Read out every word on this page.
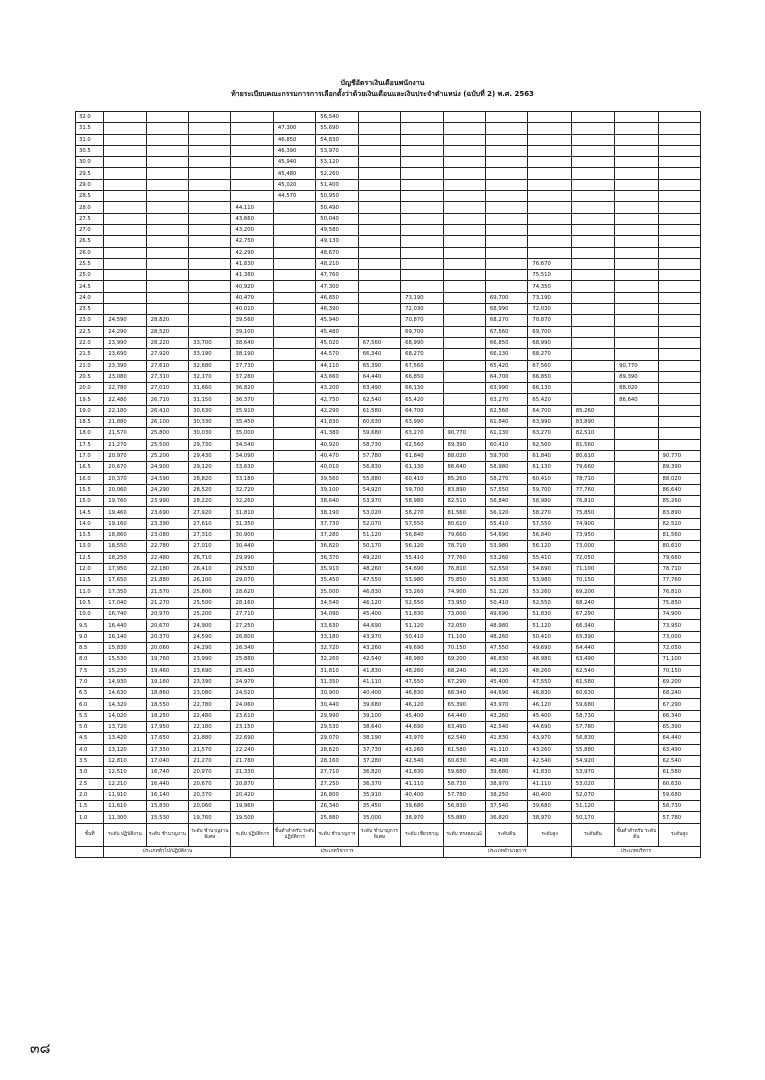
บัญชีอัตราเงินเดือนพนักงาน
ท้ายระเบียบคณะกรรมการการเลือกตั้งว่าด้วยเงินเดือนและเงินประจำตำแหน่ง (ฉบับที่ 2) พ.ศ. 2563
32.0						56,540								
31.5					47,300	55,690								
31.0					46,850	54,830								
30.5					46,390	53,970								
30.0					45,940	53,120								
29.5					45,480	52,260								
29.0					45,020	51,400								
28.5					44,570	50,950								
28.0				44,110		50,490								
27.5				43,660		50,040								
27.0				43,200		49,580								
26.5				42,750		49,130								
26.0				42,290		48,670								
25.5				41,830		48,210					76,670			
25.0				41,380		47,760					75,510			
24.5				40,920		47,300					74,350			
24.0				40,470		46,850		73,190		69,700	73,190			
23.5				40,010		46,390		72,030		68,990	72,030			
23.0	24,590	28,820		39,560		45,940		70,870		68,270	70,870			
22.5	24,290	28,520		39,100		45,480		69,700		67,560	69,700			
22.0	23,990	28,220	33,700	38,640		45,020	67,560	68,990		66,850	68,990			
21.5	23,690	27,920	33,190	38,190		44,570	66,340	68,270		66,130	68,270			
21.0	23,390	27,610	32,680	37,730		44,110	65,390	67,560		65,420	67,560		90,770	
20.5	23,080	27,310	32,170	37,280		43,660	64,440	66,850		64,700	66,850		89,390	
20.0	22,780	27,010	31,660	36,820		43,200	63,490	66,130		63,990	66,130		88,020	
19.5	22,480	26,710	31,150	36,370		42,750	62,540	65,420		63,270	65,420		86,640	
19.0	22,180	26,410	30,630	35,910		42,290	61,580	64,700		62,560	64,700	85,260		
18.5	21,880	26,100	30,330	35,450		41,830	60,630	63,990		61,840	63,990	83,890		
18.0	21,570	25,800	30,030	35,000		41,380	59,680	63,270	90,770	61,130	63,270	82,510		
17.5	21,270	25,500	29,730	34,540		40,920	58,730	62,560	89,390	60,410	62,560	81,560		
17.0	20,970	25,200	29,430	34,090		40,470	57,780	61,840	88,020	59,700	61,840	80,610		90,770
16.5	20,670	24,900	29,120	33,630		40,010	56,830	61,130	86,640	58,980	61,130	79,660		89,390
16.0	20,370	24,590	28,820	33,180		39,560	55,880	60,410	85,260	58,270	60,410	78,710		88,020
15.5	20,060	24,290	28,520	32,720		39,100	54,920	59,700	83,890	57,550	59,700	77,760		86,640
15.0	19,760	23,990	28,220	32,260		38,640	53,970	58,980	82,510	56,840	58,980	76,810		85,260
14.5	19,460	23,690	27,920	31,810		38,190	53,020	58,270	81,560	56,120	58,270	75,850		83,890
14.0	19,160	23,390	27,610	31,350		37,730	52,070	57,550	80,610	55,410	57,550	74,900		82,510
13.5	18,860	23,080	27,310	30,900		37,280	51,120	56,840	79,660	54,690	56,840	73,950		81,560
13.0	18,550	22,780	27,010	30,440		36,820	50,170	56,120	78,710	53,980	56,120	73,000		80,610
12.5	18,250	22,480	26,710	29,990		36,370	49,220	55,410	77,760	53,260	55,410	72,050		79,660
12.0	17,950	22,180	26,410	29,530		35,910	48,260	54,690	76,810	52,550	54,690	71,100		78,710
11.5	17,650	21,880	26,100	29,070		35,450	47,550	53,980	75,850	51,830	53,980	70,150		77,760
11.0	17,350	21,570	25,800	28,620		35,000	46,830	53,260	74,900	51,120	53,260	69,200		76,810
10.5	17,040	21,270	25,500	28,160		34,540	46,120	52,550	73,950	50,410	52,550	68,240		75,850
10.0	16,740	20,970	25,200	27,710		34,090	45,400	51,830	73,000	49,690	51,830	67,290		74,900
9.5	16,440	20,670	24,900	27,250		33,630	44,690	51,120	72,050	48,980	51,120	66,340		73,950
9.0	16,140	20,370	24,590	26,800		33,180	43,970	50,410	71,100	48,260	50,410	65,390		73,000
8.5	15,830	20,060	24,290	26,340		32,720	43,260	49,690	70,150	47,550	49,690	64,440		72,050
8.0	15,530	19,760	23,990	25,880		32,260	42,540	48,980	69,200	46,830	48,980	63,490		71,100
7.5	15,230	19,460	23,690	25,430		31,810	41,830	48,260	68,240	46,120	48,260	62,540		70,150
7.0	14,930	19,160	23,390	24,970		31,350	41,110	47,550	67,290	45,400	47,550	61,580		69,200
6.5	14,630	18,860	23,080	24,520		30,900	40,400	46,830	66,340	44,690	46,830	60,630		68,240
6.0	14,320	18,550	22,780	24,060		30,440	39,680	46,120	65,390	43,970	46,120	59,680		67,290
5.5	14,020	18,250	22,480	23,610		29,990	39,100	45,400	64,440	43,260	45,400	58,730		66,340
5.0	13,720	17,950	22,180	23,150		29,530	38,640	44,690	63,490	42,540	44,690	57,780		65,390
4.5	13,420	17,650	21,880	22,690		29,070	38,190	43,970	62,540	41,830	43,970	56,830		64,440
4.0	13,120	17,350	21,570	22,240		28,620	37,730	43,260	61,580	41,110	43,260	55,880		63,490
3.5	12,810	17,040	21,270	21,780		28,160	37,280	42,540	60,630	40,400	42,540	54,920		62,540
3.0	12,510	16,740	20,970	21,330		27,710	36,820	41,830	59,680	39,680	41,830	53,970		61,580
2.5	12,210	16,440	20,670	20,870		27,250	36,370	41,110	58,730	38,970	41,110	53,020		60,630
2.0	11,910	16,140	20,370	20,420		26,800	35,910	40,400	57,780	38,250	40,400	52,070		59,680
1.5	11,610	15,830	20,060	19,960		26,340	35,450	39,680	56,830	37,540	39,680	51,120		58,730
1.0	11,300	15,530	19,760	19,500		25,880	35,000	38,970	55,880	36,820	38,970	50,170		57,780
ขั้นที่	ระดับ ปฏิบัติงาน	ระดับ ชำนาญงาน	ระดับ ชำนาญงานพิเศษ	ระดับ ปฏิบัติการ	ขั้นต่ำสำหรับ ระดับปฏิบัติการ	ระดับ ชำนาญการ	ระดับ ชำนาญการพิเศษ	ระดับ เชี่ยวชาญ	ระดับ ทรงคุณวุฒิ	ระดับต้น	ระดับสูง	ระดับต้น	ขั้นต่ำสำหรับ ระดับต้น	ระดับสูง
	ประเภททั่วไป/ปฏิบัติงาน			ประเภทวิชาการ					ประเภทอำนวยการ			ประเภทบริหาร		
๓๘
